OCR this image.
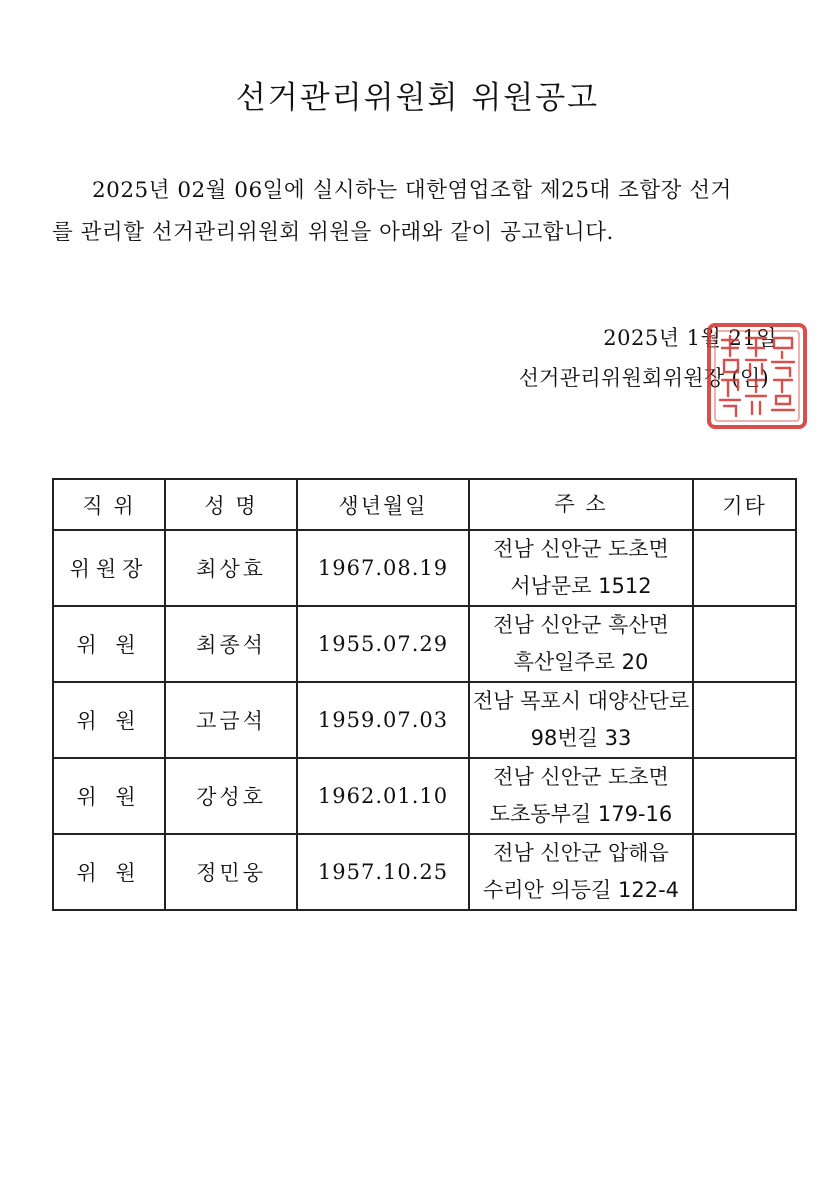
선거관리위원회 위원공고
2025년 02월 06일에 실시하는 대한염업조합 제25대 조합장 선거
를 관리할 선거관리위원회 위원을 아래와 같이 공고합니다.
2025년 1월 21일
선거관리위원회위원장 (인)
직 위	성 명	생년월일	주 소	기타
위원장	최상효	1967.08.19	전남 신안군 도초면
서남문로 1512	

위 원	최종석	1955.07.29	전남 신안군 흑산면
흑산일주로 20	

위 원	고금석	1959.07.03	전남 목포시 대양산단로
98번길 33	

위 원	강성호	1962.01.10	전남 신안군 도초면
도초동부길 179-16	

위 원	정민웅	1957.10.25	전남 신안군 압해읍
수리안 의등길 122-4	
